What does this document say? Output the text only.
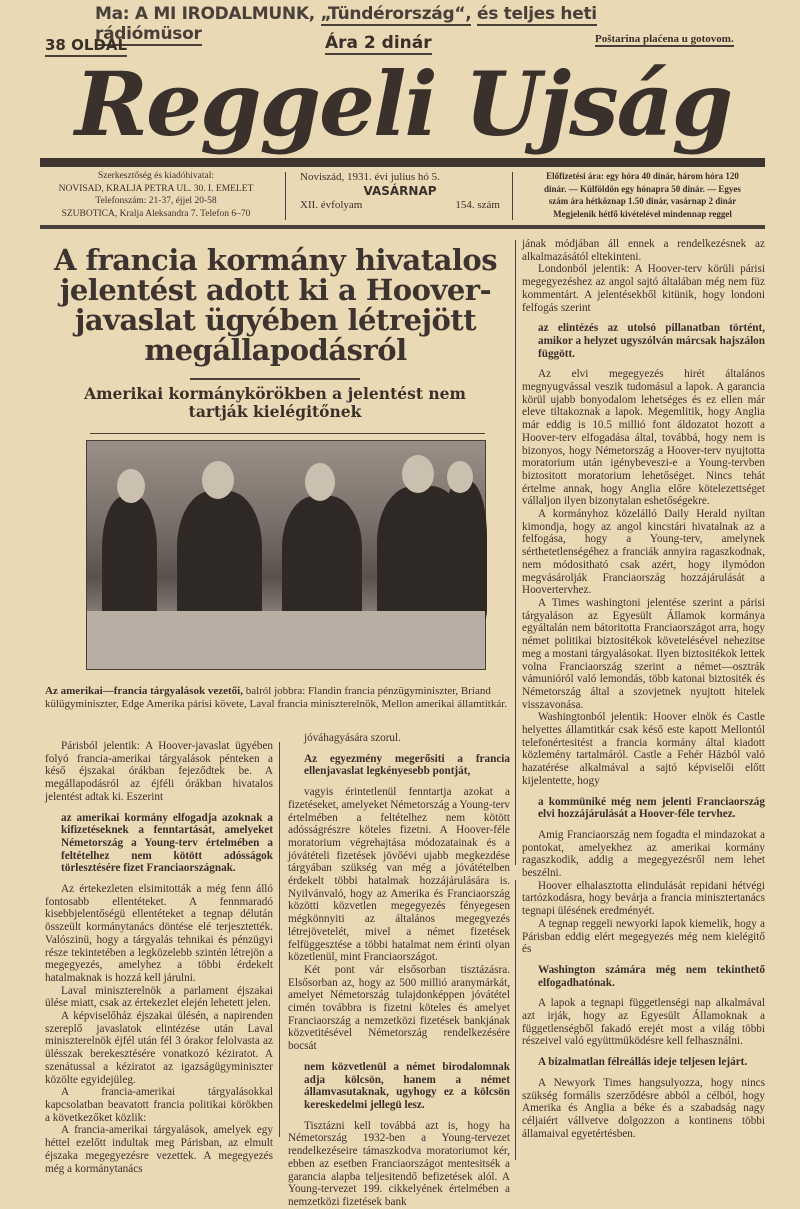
Ma: A MI IRODALMUNK, „Tündérország“, és teljes heti rádiómüsor
38 OLDAL	Ára 2 dinár	Poštarina plaćena u gotovom.
Reggeli Ujság
Szerkesztőség és kiadóhivatal:
NOVISAD, KRALJA PETRA UL. 30. I. EMELET
Telefonszám: 21-37, éjjel 20-58
SZUBOTICA, Kralja Aleksandra 7. Telefon 6–70
Noviszád, 1931. évi julius hó 5.
VASÁRNAP
XII. évfolyam	154. szám
Előfizetési ára: egy hóra 40 dinár, három hóra 120
dinár. — Külföldön egy hónapra 50 dinár. — Egyes
szám ára hétköznap 1.50 dinár, vasárnap 2 dinár
Megjelenik hétfő kivételével mindennap reggel
A francia kormány hivatalos jelentést adott ki a Hoover-javaslat ügyében létrejött megállapodásról
Amerikai kormánykörökben a jelentést nem tartják kielégitőnek
Az amerikai—francia tárgyalások vezetői, balról jobbra: Flandin francia pénzügyminiszter, Briand külügyminiszter, Edge Amerika párisi követe, Laval francia miniszterelnök, Mellon amerikai államtitkár.

Párisból jelentik: A Hoover-javaslat ügyében folyó francia-amerikai tárgyalások pénteken a késő éjszakai órákban fejeződtek be. A megállapodásról az éjféli órákban hivatalos jelentést adtak ki. Eszerint

az amerikai kormány elfogadja azoknak a kifizetéseknek a fenntartását, amelyeket Németország a Young-terv értelmében a feltételhez nem kötött adósságok törlesztésére fizet Franciaországnak.

Az értekezleten elsimitották a még fenn álló fontosabb ellentéteket. A fennmaradó kisebbjelentőségü ellentéteket a tegnap délután összeült kormánytanács döntése elé terjesztették. Valószinü, hogy a tárgyalás tehnikai és pénzügyi része tekintetében a legközelebb szintén létrejön a megegyezés, amelyhez a többi érdekelt hatalmaknak is hozzá kell járulni.

Laval miniszterelnök a parlament éjszakai ülése miatt, csak az értekezlet elején lehetett jelen.

A képviselőház éjszakai ülésén, a napirenden szereplő javaslatok elintézése után Laval miniszterelnök éjfél után fél 3 órakor felolvasta az ülésszak berekesztésére vonatkozó kéziratot. A szenátussal a kéziratot az igazságügyminiszter közölte egyidejüleg.

A francia-amerikai tárgyalásokkal kapcsolatban beavatott francia politikai körökben a következőket közlik:

A francia-amerikai tárgyalások, amelyek egy héttel ezelőtt indultak meg Párisban, az elmult éjszaka megegyezésre vezettek. A megegyezés még a kormánytanács

jóváhagyására szorul.

Az egyezmény megerősiti a francia ellenjavaslat legkényesebb pontját,

vagyis érintetlenül fenntartja azokat a fizetéseket, amelyeket Németország a Young-terv értelmében a feltételhez nem kötött adósságrészre köteles fizetni. A Hoover-féle moratorium végrehajtása módozatainak és a jóvátételi fizetések jövőévi ujabb megkezdése tárgyában szükség van még a jóvátételben érdekelt többi hatalmak hozzájárulására is. Nyilvánvaló, hogy az Amerika és Franciaország közötti közvetlen megegyezés fényegesen mégkönnyiti az általános megegyezés létrejövetelét, mivel a német fizetések felfüggesztése a többi hatalmat nem érinti olyan közetlenül, mint Franciaországot.

Két pont vár elsősorban tisztázásra. Elsősorban az, hogy az 500 millió aranymárkát, amelyet Németország tulajdonképpen jóvátétel cimén továbbra is fizetni köteles és amelyet Franciaország a nemzetközi fizetések bankjának közvetitésével Németország rendelkezésére bocsát

nem közvetlenül a német birodalomnak adja kölcsön, hanem a német államvasutaknak, ugyhogy ez a kölcsön kereskedelmi jellegü lesz.

Tisztázni kell továbbá azt is, hogy ha Németország 1932-ben a Young-tervezet rendelkezéseire támaszkodva moratoriumot kér, ebben az esetben Franciaországot mentesitsék a garancia alapba teljesitendő befizetések alól. A Young-tervezet 199. cikkelyének értelmében a nemzetközi fizetések bank

jának módjában áll ennek a rendelkezésnek az alkalmazásától eltekinteni.

Londonból jelentik: A Hoover-terv körüli párisi megegyezéshez az angol sajtó általában még nem füz kommentárt. A jelentésekből kitünik, hogy londoni felfogás szerint

az elintézés az utolsó pillanatban történt, amikor a helyzet ugyszólván márcsak hajszálon függött.

Az elvi megegyezés hirét általános megnyugvással veszik tudomásul a lapok. A garancia körül ujabb bonyodalom lehetséges és ez ellen már eleve tiltakoznak a lapok. Megemlitik, hogy Anglia már eddig is 10.5 millió font áldozatot hozott a Hoover-terv elfogadása által, továbbá, hogy nem is bizonyos, hogy Németország a Hoover-terv nyujtotta moratorium után igénybeveszi-e a Young-tervben biztositott moratorium lehetőséget. Nincs tehát értelme annak, hogy Anglia előre kötelezettséget vállaljon ilyen bizonytalan eshetőségekre.

A kormányhoz közelálló Daily Herald nyiltan kimondja, hogy az angol kincstári hivatalnak az a felfogása, hogy a Young-terv, amelynek sérthetetlenségéhez a franciák annyira ragaszkodnak, nem módositható csak azért, hogy ilymódon megvásárolják Franciaország hozzájárulását a Hoovertervhez.

A Times washingtoni jelentése szerint a párisi tárgyaláson az Egyesült Államok kormánya egyáltalán nem bátoritotta Franciaországot arra, hogy német politikai biztositékok követelésével nehezitse meg a mostani tárgyalásokat. Ilyen biztositékok lettek volna Franciaország szerint a német—osztrák vámunióról való lemondás, több katonai biztositék és Németország által a szovjetnek nyujtott hitelek visszavonása.

Washingtonból jelentik: Hoover elnök és Castle helyettes államtitkár csak késő este kapott Mellontól telefonértesitést a francia kormány által kiadott közlemény tartalmáról. Castle a Fehér Házból való hazatérése alkalmával a sajtó képviselői előtt kijelentette, hogy

a kommüniké még nem jelenti Franciaország elvi hozzájárulását a Hoover-féle tervhez.

Amig Franciaország nem fogadta el mindazokat a pontokat, amelyekhez az amerikai kormány ragaszkodik, addig a megegyezésről nem lehet beszélni.

Hoover elhalasztotta elindulását repidani hétvégi tartózkodásra, hogy bevárja a francia minisztertanács tegnapi ülésének eredményét.

A tegnap reggeli newyorki lapok kiemelik, hogy a Párisban eddig elért megegyezés még nem kielégitő és

Washington számára még nem tekinthető elfogadhatónak.

A lapok a tegnapi függetlenségi nap alkalmával azt irják, hogy az Egyesült Államoknak a függetlenségből fakadó erejét most a világ többi részeivel való együttmüködésre kell felhasználni.

A bizalmatlan félreállás ideje teljesen lejárt.

A Newyork Times hangsulyozza, hogy nincs szükség formális szerződésre abból a célból, hogy Amerika és Anglia a béke és a szabadság nagy céljaiért vállvetve dolgozzon a kontinens többi államaival egyetértésben.
